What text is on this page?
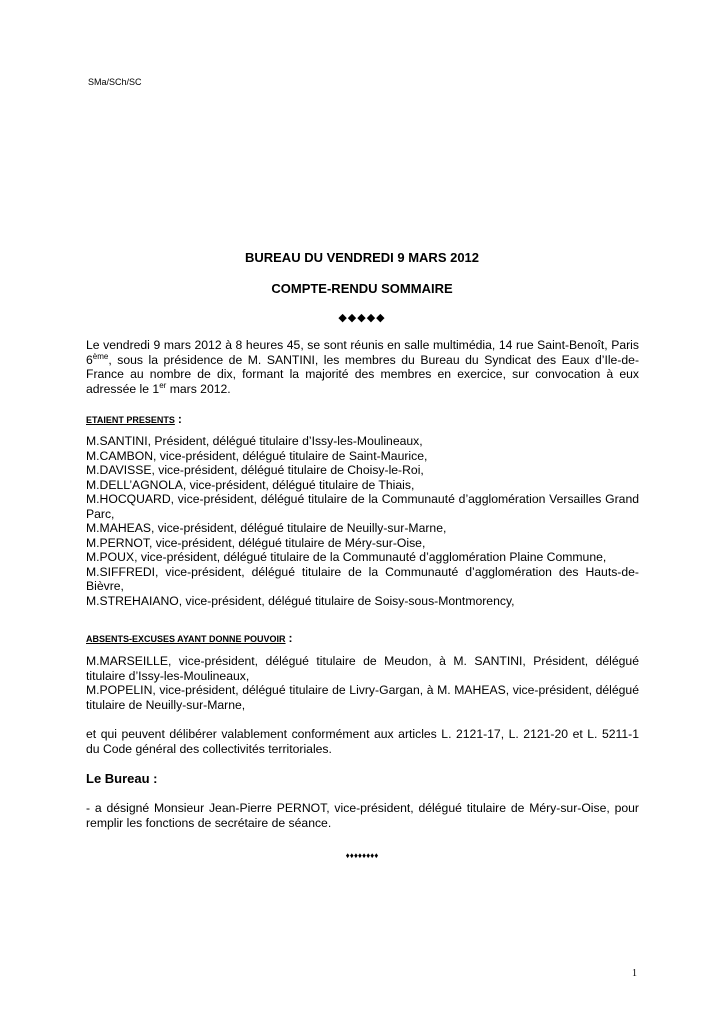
SMa/SCh/SC
BUREAU DU VENDREDI 9 MARS 2012
COMPTE-RENDU SOMMAIRE
◆◆◆◆◆
Le vendredi 9 mars 2012 à 8 heures 45, se sont réunis en salle multimédia, 14 rue Saint-Benoît, Paris 6ème, sous la présidence de M. SANTINI, les membres du Bureau du Syndicat des Eaux d’Ile-de-France au nombre de dix, formant la majorité des membres en exercice, sur convocation à eux adressée le 1er mars 2012.
ETAIENT PRESENTS :
M.SANTINI, Président, délégué titulaire d’Issy-les-Moulineaux,
M.CAMBON, vice-président, délégué titulaire de Saint-Maurice,
M.DAVISSE, vice-président, délégué titulaire de Choisy-le-Roi,
M.DELL’AGNOLA, vice-président, délégué titulaire de Thiais,
M.HOCQUARD, vice-président, délégué titulaire de la Communauté d’agglomération Versailles Grand Parc,
M.MAHEAS, vice-président, délégué titulaire de Neuilly-sur-Marne,
M.PERNOT, vice-président, délégué titulaire de Méry-sur-Oise,
M.POUX, vice-président, délégué titulaire de la Communauté d’agglomération Plaine Commune,
M.SIFFREDI, vice-président, délégué titulaire de la Communauté d’agglomération des Hauts-de-Bièvre,
M.STREHAIANO, vice-président, délégué titulaire de Soisy-sous-Montmorency,
ABSENTS-EXCUSES AYANT DONNE POUVOIR :
M.MARSEILLE, vice-président, délégué titulaire de Meudon, à M. SANTINI, Président, délégué titulaire d’Issy-les-Moulineaux,
M.POPELIN, vice-président, délégué titulaire de Livry-Gargan, à M. MAHEAS, vice-président, délégué titulaire de Neuilly-sur-Marne,
et qui peuvent délibérer valablement conformément aux articles L. 2121-17, L. 2121-20 et L. 5211-1 du Code général des collectivités territoriales.
Le Bureau :
- a désigné Monsieur Jean-Pierre PERNOT, vice-président, délégué titulaire de Méry-sur-Oise, pour remplir les fonctions de secrétaire de séance.
♦♦♦♦♦♦♦♦
1
